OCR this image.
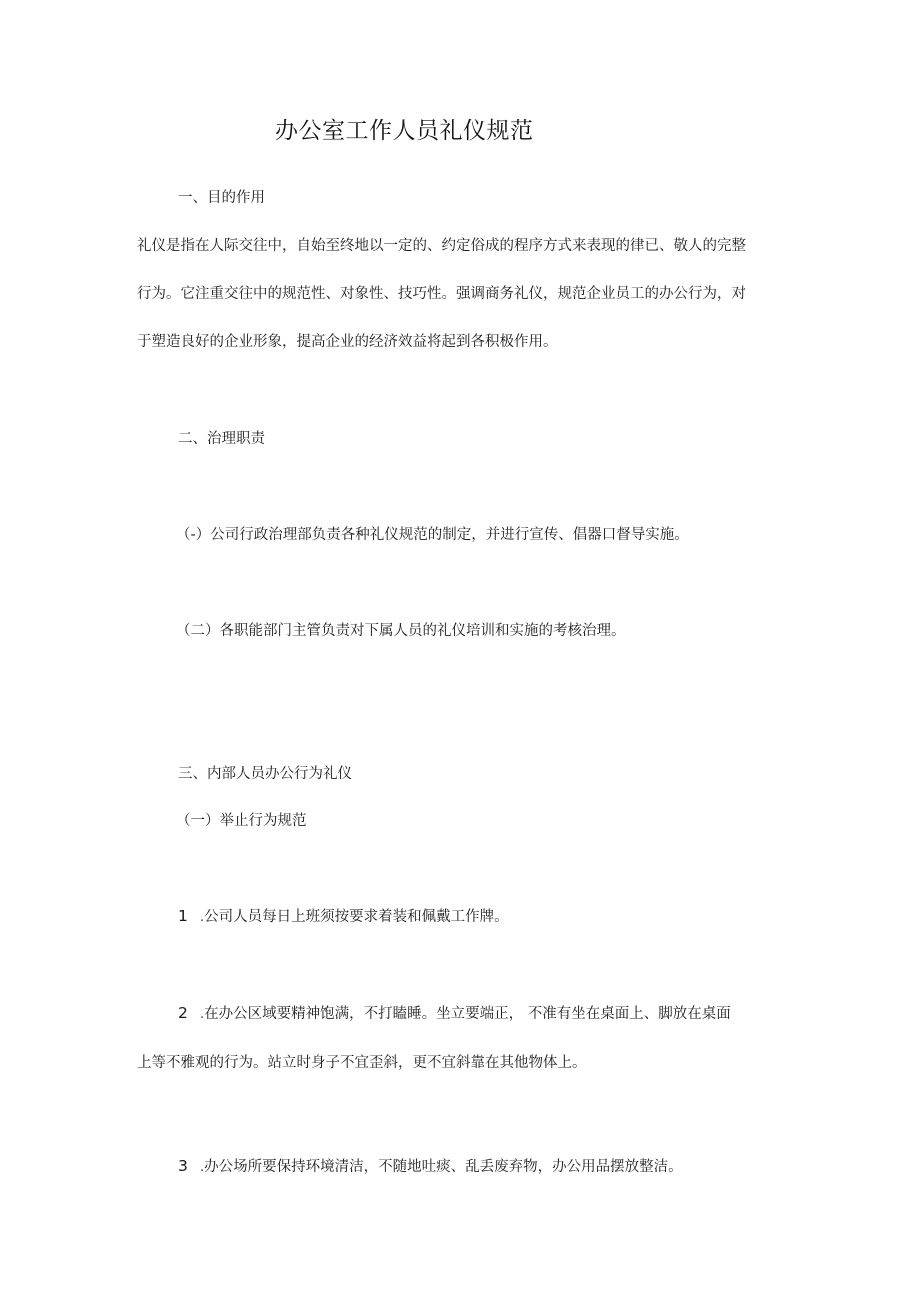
办公室工作人员礼仪规范
一、目的作用
礼仪是指在人际交往中，自始至终地以一定的、约定俗成的程序方式来表现的律已、敬人的完整
行为。它注重交往中的规范性、对象性、技巧性。强调商务礼仪，规范企业员工的办公行为，对
于塑造良好的企业形象，提高企业的经济效益将起到各积极作用。
二、治理职责
（-）公司行政治理部负责各种礼仪规范的制定，并进行宣传、倡器口督导实施。
（二）各职能部门主管负责对下属人员的礼仪培训和实施的考核治理。
三、内部人员办公行为礼仪
（一）举止行为规范
1 .公司人员每日上班须按要求着装和佩戴工作牌。
2 .在办公区域要精神饱满，不打瞌睡。坐立要端正， 不准有坐在桌面上、脚放在桌面
上等不雅观的行为。站立时身子不宜歪斜，更不宜斜靠在其他物体上。
3 .办公场所要保持环境清洁，不随地吐痰、乱丢废弃物，办公用品摆放整洁。
